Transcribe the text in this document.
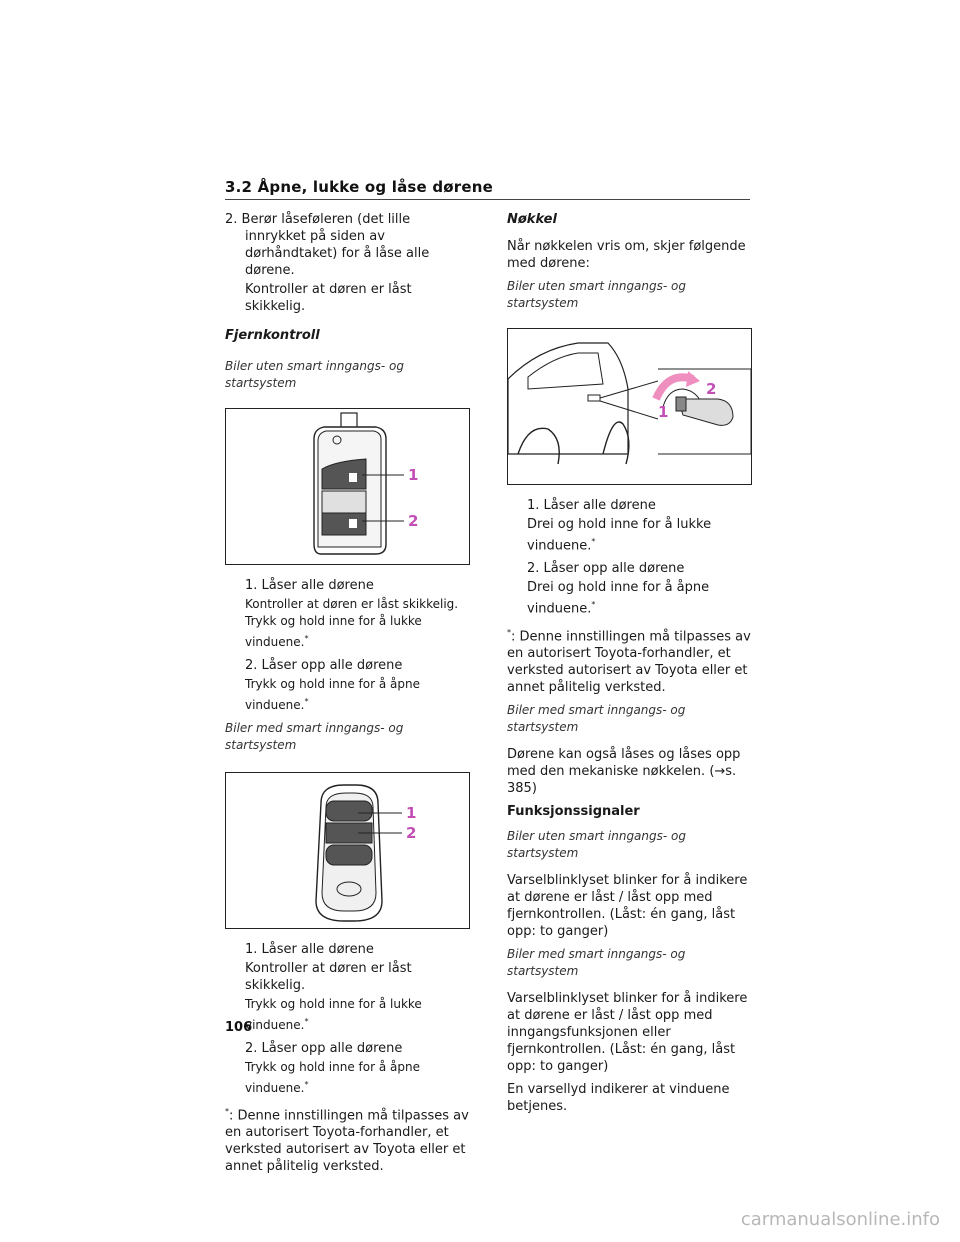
3.2 Åpne, lukke og låse dørene

2. Berør låseføleren (det lille innrykket på siden av dørhåndtaket) for å låse alle dørene.

Kontroller at døren er låst skikkelig.

Fjernkontroll

Biler uten smart inngangs- og startsystem

1
2

1. Låser alle dørene

Kontroller at døren er låst skikkelig. Trykk og hold inne for å lukke vinduene.*

2. Låser opp alle dørene

Trykk og hold inne for å åpne vinduene.*

Biler med smart inngangs- og startsystem

1
2

1. Låser alle dørene

Kontroller at døren er låst skikkelig.

Trykk og hold inne for å lukke vinduene.*

2. Låser opp alle dørene

Trykk og hold inne for å åpne vinduene.*

*: Denne innstillingen må tilpasses av en autorisert Toyota-forhandler, et verksted autorisert av Toyota eller et annet pålitelig verksted.

Nøkkel

Når nøkkelen vris om, skjer følgende med dørene:

Biler uten smart inngangs- og startsystem

2
1

1. Låser alle dørene

Drei og hold inne for å lukke vinduene.*

2. Låser opp alle dørene

Drei og hold inne for å åpne vinduene.*

*: Denne innstillingen må tilpasses av en autorisert Toyota-forhandler, et verksted autorisert av Toyota eller et annet pålitelig verksted.

Biler med smart inngangs- og startsystem

Dørene kan også låses og låses opp med den mekaniske nøkkelen. (→s. 385)

Funksjonssignaler

Biler uten smart inngangs- og startsystem

Varselblinklyset blinker for å indikere at dørene er låst / låst opp med fjernkontrollen. (Låst: én gang, låst opp: to ganger)

Biler med smart inngangs- og startsystem

Varselblinklyset blinker for å indikere at dørene er låst / låst opp med inngangsfunksjonen eller fjernkontrollen. (Låst: én gang, låst opp: to ganger)

En varsellyd indikerer at vinduene betjenes.

106
carmanualsonline.info
